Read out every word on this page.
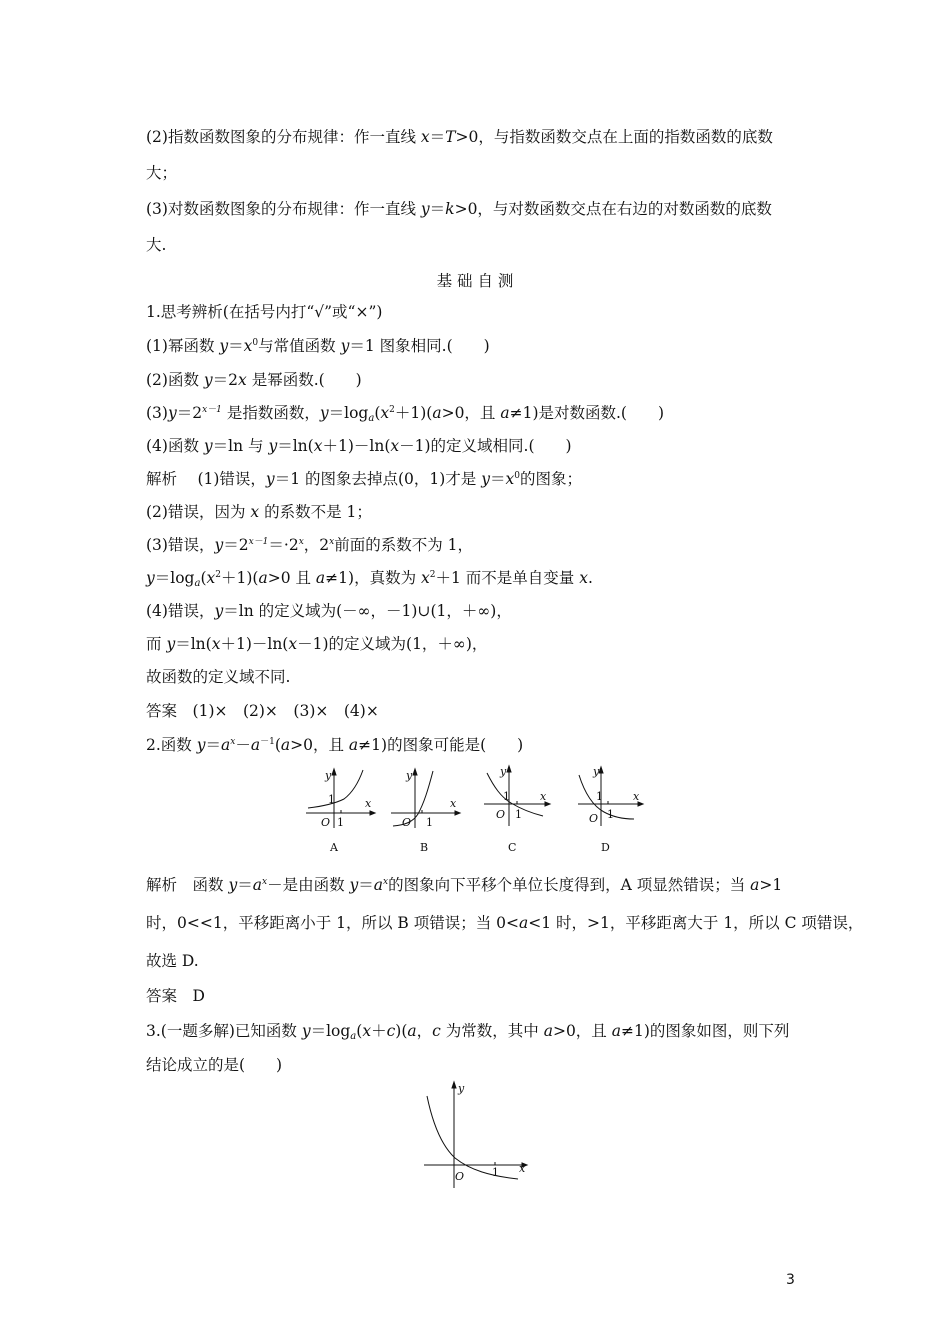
(2)指数函数图象的分布规律：作一直线 x＝T>0，与指数函数交点在上面的指数函数的底数
大；
(3)对数函数图象的分布规律：作一直线 y＝k>0，与对数函数交点在右边的对数函数的底数
大.
基 础 自 测
1.思考辨析(在括号内打“√”或“×”)
(1)幂函数 $y=x^0$与常值函数 y＝1 图象相同.(　　)
(2)函数 y＝2x 是幂函数.(　　)
$(3)y=2^{x-1}$ 是指数函数，$y=\log_a(x^2+1)(a>0$，且 a≠1)是对数函数.(　　)
(4)函数 y＝ln 与 y＝ln(x＋1)－ln(x－1)的定义域相同.(　　)
解析　 (1)错误，y＝1 的图象去掉点(0，1)才是 $y=x^0$的图象；
(2)错误，因为 x 的系数不是 1；
(3)错误，$y=2^{x-1}=\cdot 2^x$，2$^x$前面的系数不为 1，
$y=\log_a(x^2+1)(a>0$ 且 a≠1)，真数为 $x^2+1$ 而不是单自变量 x.
(4)错误，y＝ln 的定义域为(－∞，－1)∪(1，＋∞)，
而 y＝ln(x＋1)－ln(x－1)的定义域为(1，＋∞)，
故函数的定义域不同.
答案　 (1)×　(2)×　(3)×　(4)×
2.函数 $y=a^x-a^{-1}(a>0$，且 a≠1)的图象可能是(　　)
y
x
O 1
1
A
y
x
O 1
B
y
x
O 1
1
C
y
x
O 1
1
D
y
x
O	1
解析　函数 $y=a^x-$是由函数 $y=a^x$的图象向下平移个单位长度得到，A 项显然错误；当 a>1
时，0<<1，平移距离小于 1，所以 B 项错误；当 0<a<1 时，>1，平移距离大于 1，所以 C 项错误，
故选 D.
答案　 D
3.(一题多解)已知函数 $y=\log_a(x+c)(a$，c 为常数，其中 a>0，且 a≠1)的图象如图，则下列
结论成立的是(　　)
3
